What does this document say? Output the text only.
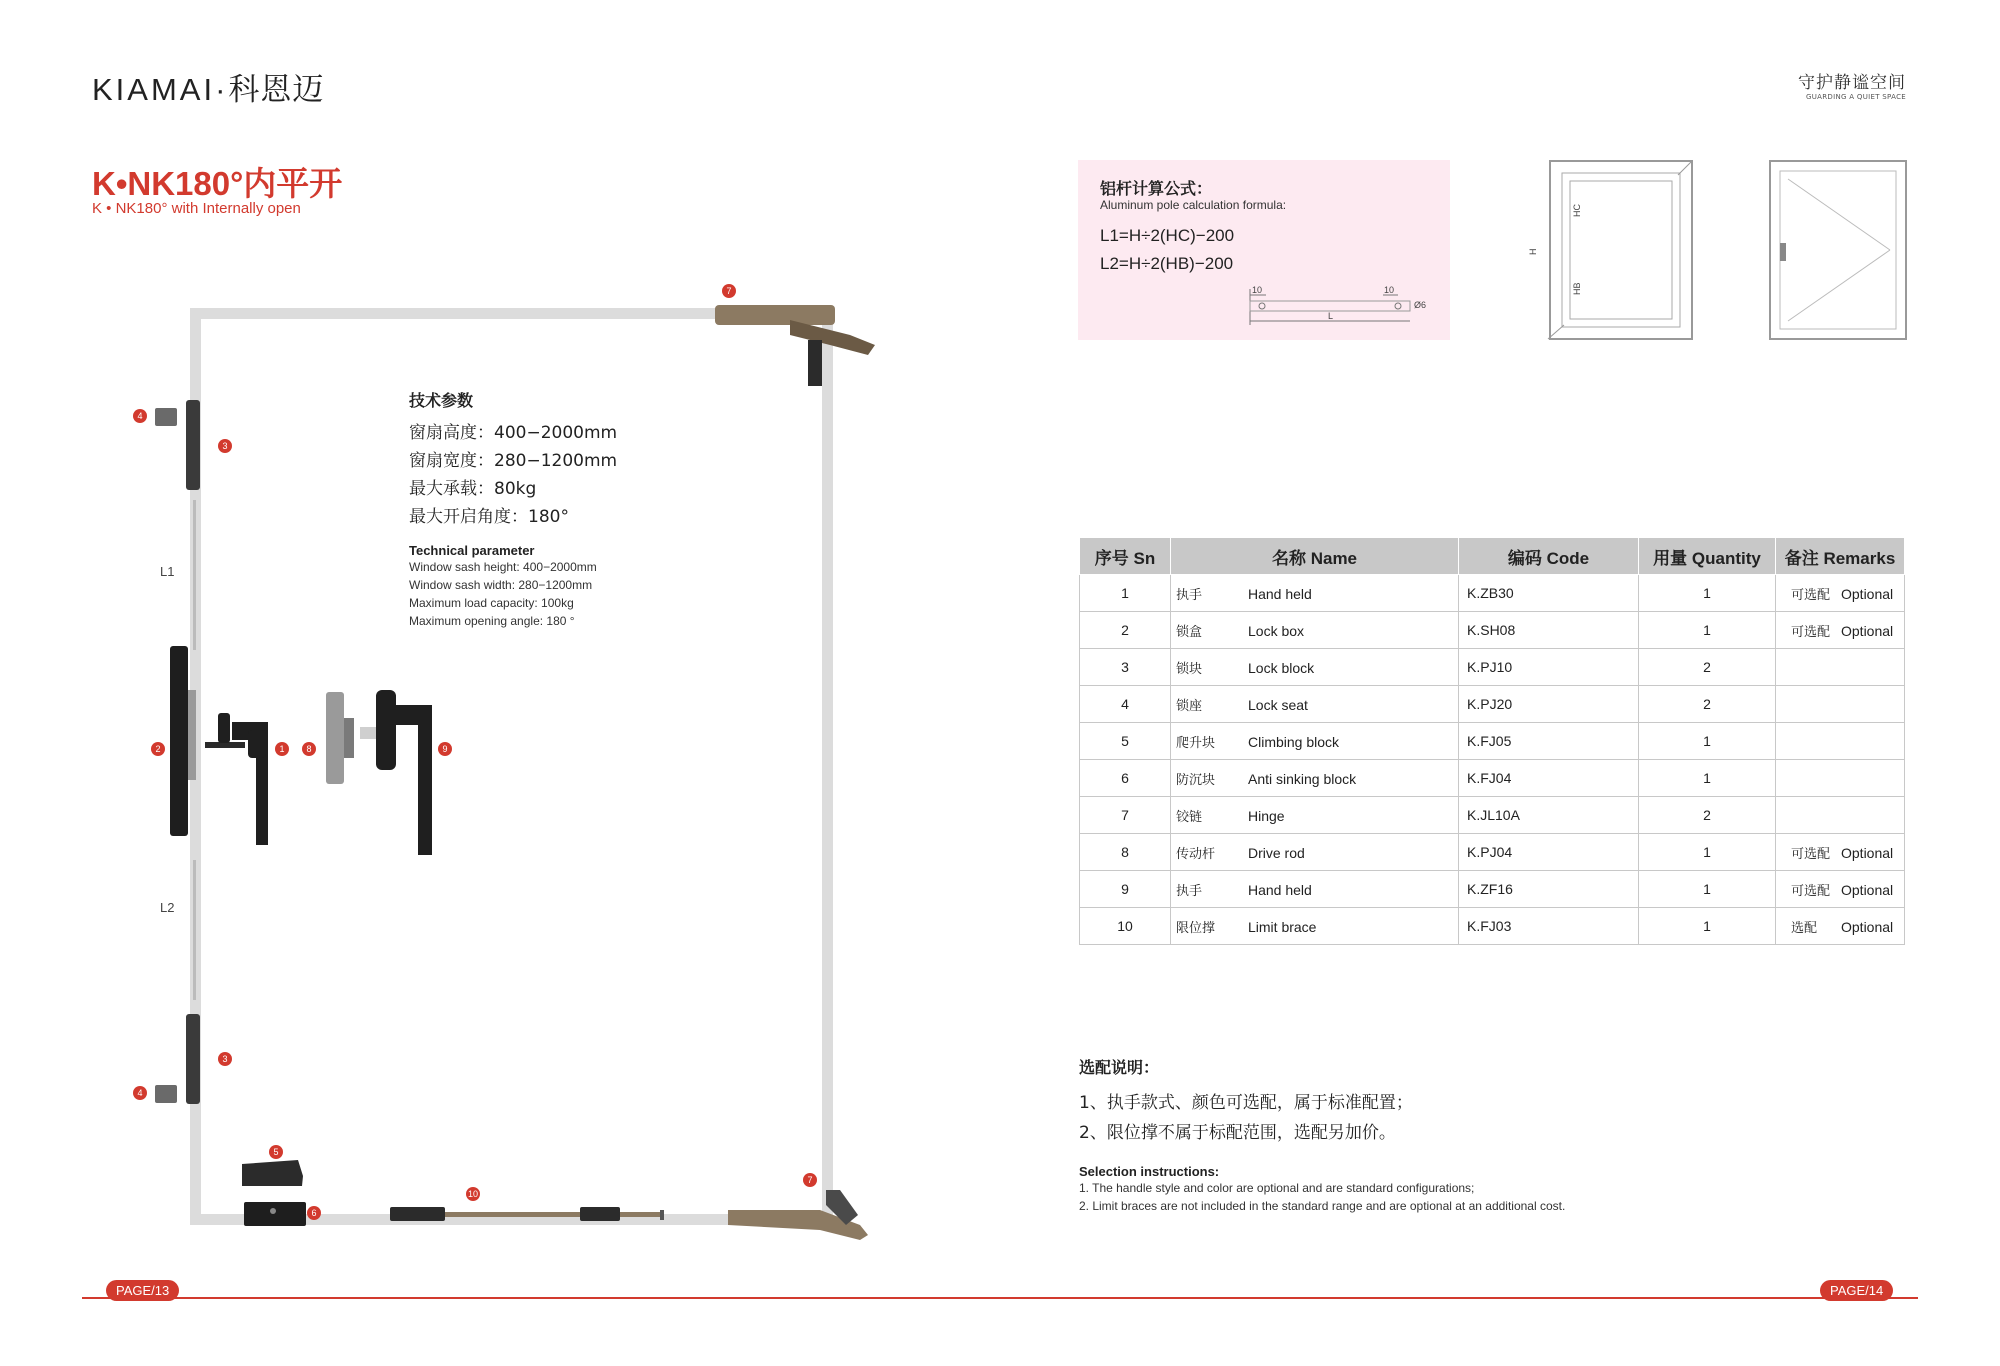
KIAMAI·科恩迈	守护静谧空间
GUARDING A QUIET SPACE
K•NK180°内平开
K • NK180° with Internally open
7
4
3
2	1	8	9
3
4
5
6
10
7
L1
L2
技术参数
窗扇高度：400−2000mm
窗扇宽度：280−1200mm
最大承载：80kg
最大开启角度：180°
Technical parameter
Window sash height: 400−2000mm
Window sash width: 280−1200mm
Maximum load capacity: 100kg
Maximum opening angle: 180 °
铝杆计算公式：
Aluminum pole calculation formula:
L1=H÷2(HC)−200
L2=H÷2(HB)−200
10	10
Ø6
L
H
HC
HB
序号 Sn	名称 Name	编码 Code	用量 Quantity	备注 Remarks
1	执手 Hand held	K.ZB30	1	可选配 Optional
2	锁盒 Lock box	K.SH08	1	可选配 Optional
3	锁块 Lock block	K.PJ10	2	
4	锁座 Lock seat	K.PJ20	2	
5	爬升块 Climbing block	K.FJ05	1	
6	防沉块 Anti sinking block	K.FJ04	1	
7	铰链 Hinge	K.JL10A	2	
8	传动杆 Drive rod	K.PJ04	1	可选配 Optional
9	执手 Hand held	K.ZF16	1	可选配 Optional
10	限位撑 Limit brace	K.FJ03	1	选配 Optional
选配说明：
1、执手款式、颜色可选配，属于标准配置；
2、限位撑不属于标配范围，选配另加价。
Selection instructions:
1. The handle style and color are optional and are standard configurations;
2. Limit braces are not included in the standard range and are optional at an additional cost.
PAGE/13	PAGE/14
